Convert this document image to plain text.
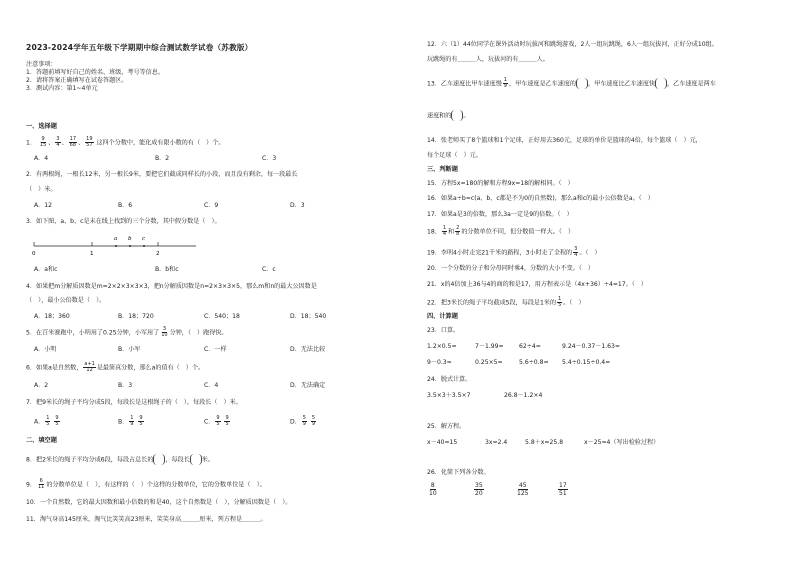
2023-2024学年五年级下学期期中综合测试数学试卷（苏教版）
注意事项：
1．答题前填写好自己的姓名、班级、考号等信息。
2．请将答案正确填写在试卷答题区。
3．测试内容：第1~4单元
一、选择题
1． $\frac{9}{15}$ 、 $\frac{3}{4}$ 、 $\frac{17}{68}$ 、 $\frac{19}{57}$ 这四个分数中，能化成有限小数的有（　）个。
A．4	B．2	C．3
2．有两根绳，一根长12米，另一根长9米，要把它们截成同样长的小段，而且没有剩余，每一段最长
（　）米。
A．12	B．6	C．9	D．3
3．如下图，a、b、c是未在线上找到的三个分数，其中假分数是（　）。
a b c
0	1	2
A．a和c	B．b和c	C．c
4．如果把m分解质因数是m=2×2×3×3×3，把n分解质因数是n=2×3×3×5，那么m和n的最大公因数是
（　），最小公倍数是（　）。
A．18；360	B．18；720	C．540；18	D．18；540
5．在百米赛跑中，小明用了0.25分钟，小军用了 $\frac{3}{10}$ 分钟，（　）跑得快。
A．小明	B．小军	C．一样	D．无法比较
6．如果a是自然数， $\frac{a+1}{12}$ 是最简真分数，那么a的值有（　）个。
A．2	B．3	C．4	D．无法确定
7．把9米长的绳子平均分成5段，每段长是这根绳子的（　），每段长（　）米。
A． $\frac{1}{5}$
$\frac{9}{5}$	B． $\frac{1}{9}$
$\frac{9}{5}$	C． $\frac{9}{5}$
$\frac{9}{5}$	D． $\frac{5}{9}$
$\frac{5}{9}$
二、填空题
8．把2米长的绳子平均分成6段，每段占总长的 ，每段长 米。
9． $\frac{6}{11}$ 的分数单位是（　），有这样的（　）个这样的分数单位，它的分数单位是（　）。
10．一个自然数，它的最大因数和最小倍数的和是40，这个自然数是（　），分解质因数是（　）。
11．淘气身高145厘米，淘气比笑笑高23厘米，笑笑身高＿＿＿厘米，列方程是＿＿＿。
12．六（1）44位同学在课外活动时玩拔河和跳绳游戏，2人一组玩跳绳，6人一组玩拔河，正好分成10组。
玩跳绳的有＿＿＿人，玩拔河的有＿＿＿人。
13．乙车速度比甲车速度慢 $\frac{1}{9}$ ，甲车速度是乙车速度的 ，甲车速度比乙车速度快 ，乙车速度是两车
速度和的 。
14．张老师买了8个篮球和1个足球，正好用去360元，足球的单价是篮球的4倍，每个篮球（　）元，
每个足球（　）元。
三、判断题
15．方程5x=180的解和方程9x=18的解相同。（　）
16．如果a÷b=c(a、b、c都是不为0的自然数)，那么a和c的最小公倍数是a。（　）
17．如果a是3的倍数，那么3a一定是9的倍数。（　）
18． $\frac{1}{4}$ 和 $\frac{2}{8}$ 的分数单位不同，但分数值一样大。（　）
19．李明4小时走完21千米的路程，3小时走了全程的 $\frac{3}{4}$ 。（　）
20．一个分数的分子和分母同时乘4，分数的大小不变。（　）
21．x的4倍加上36与4的商的和是17，用方程表示是（4x+36）÷4=17。（　）
22．把3米长的绳子平均截成5段，每段是1米的 $\frac{1}{5}$ 。（　）
四、计算题
23．口算。
1.2×0.5=	7－1.99=	62÷4=	9.24－0.37－1.63=
9－0.3=	0.25×5=	5.6÷0.8= 5.4÷0.15÷0.4=
24．脱式计算。
3.5×3＋3.5×7	26.8－1.2×4
25．解方程。
x－40=15	3x=2.4	5.8＋x=25.8	x－25=4（写出检验过程）
26．化简下列各分数。
$\frac{8}{10}$	$\frac{35}{20}$	$\frac{45}{125}$	$\frac{17}{51}$
